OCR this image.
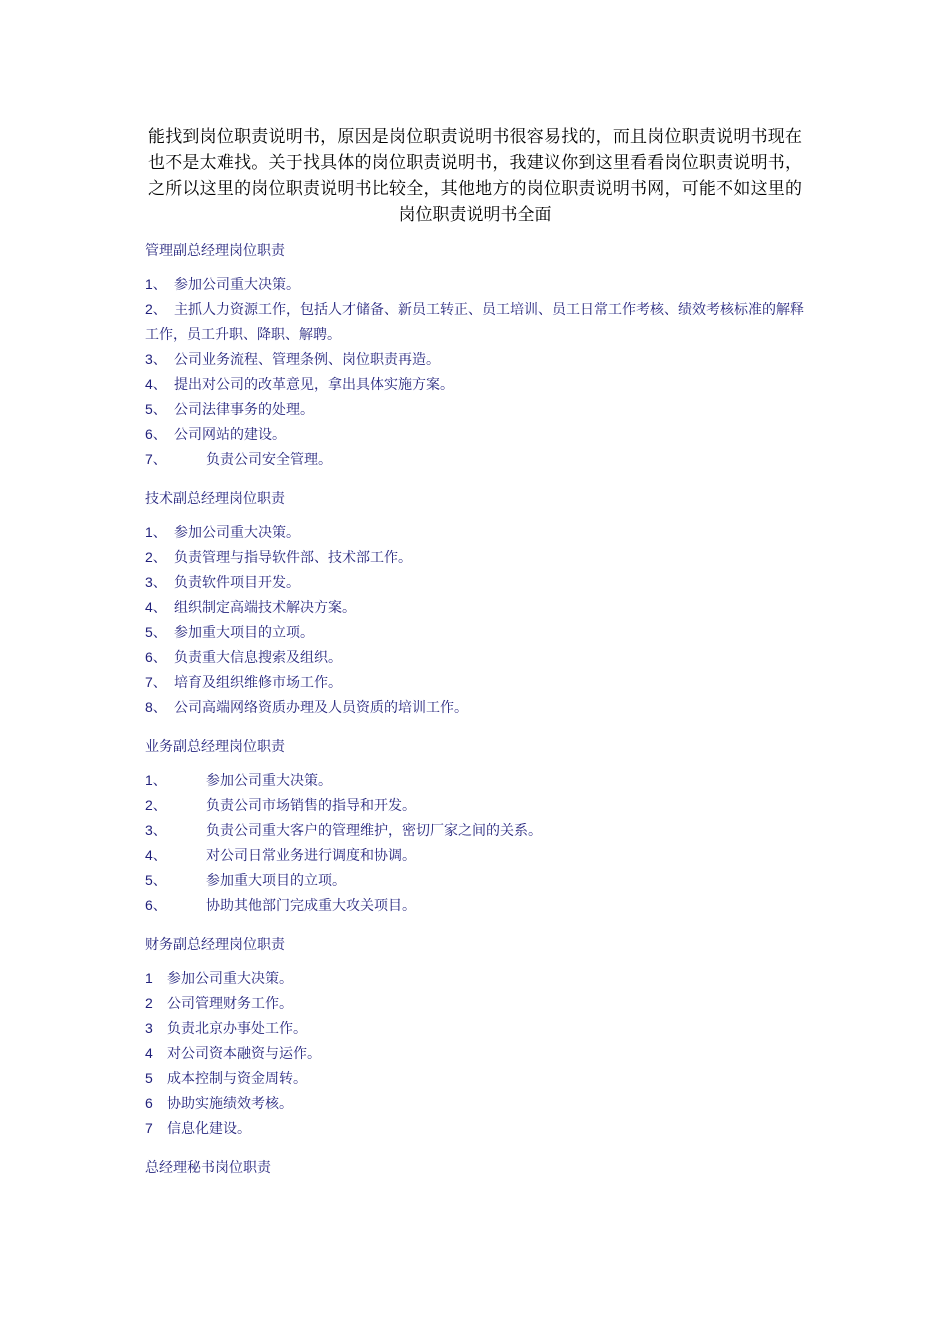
能找到岗位职责说明书，原因是岗位职责说明书很容易找的，而且岗位职责说明书现在也不是太难找。关于找具体的岗位职责说明书，我建议你到这里看看岗位职责说明书，之所以这里的岗位职责说明书比较全，其他地方的岗位职责说明书网，可能不如这里的岗位职责说明书全面
管理副总经理岗位职责
1、 参加公司重大决策。
2、 主抓人力资源工作，包括人才储备、新员工转正、员工培训、员工日常工作考核、绩效考核标准的解释工作，员工升职、降职、解聘。
3、 公司业务流程、管理条例、岗位职责再造。
4、 提出对公司的改革意见，拿出具体实施方案。
5、 公司法律事务的处理。
6、 公司网站的建设。
7、	负责公司安全管理。
技术副总经理岗位职责
1、 参加公司重大决策。
2、 负责管理与指导软件部、技术部工作。
3、 负责软件项目开发。
4、 组织制定高端技术解决方案。
5、 参加重大项目的立项。
6、 负责重大信息搜索及组织。
7、 培育及组织维修市场工作。
8、 公司高端网络资质办理及人员资质的培训工作。
业务副总经理岗位职责
1、	参加公司重大决策。
2、	负责公司市场销售的指导和开发。
3、	负责公司重大客户的管理维护，密切厂家之间的关系。
4、	对公司日常业务进行调度和协调。
5、	参加重大项目的立项。
6、	协助其他部门完成重大攻关项目。
财务副总经理岗位职责
1 参加公司重大决策。
2 公司管理财务工作。
3 负责北京办事处工作。
4 对公司资本融资与运作。
5 成本控制与资金周转。
6 协助实施绩效考核。
7 信息化建设。
总经理秘书岗位职责
